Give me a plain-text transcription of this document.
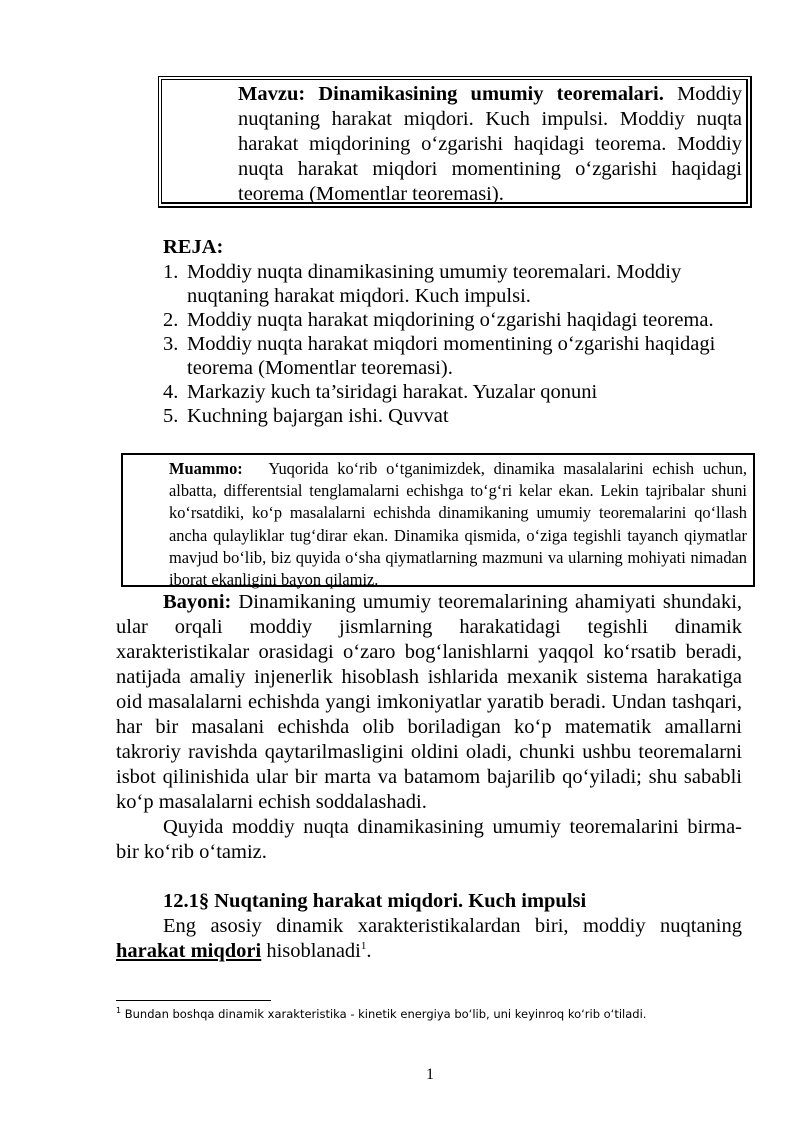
Mavzu: Dinamikasining umumiy teoremalari. Moddiy nuqtaning harakat miqdori. Kuch impulsi. Moddiy nuqta harakat miqdorining o‘zgarishi haqidagi teorema. Moddiy nuqta harakat miqdori momentining o‘zgarishi haqidagi teorema (Momentlar teoremasi).
REJA:
1. Moddiy nuqta dinamikasining umumiy teoremalari. Moddiy nuqtaning harakat miqdori. Kuch impulsi.
2. Moddiy nuqta harakat miqdorining o‘zgarishi haqidagi teorema.
3. Moddiy nuqta harakat miqdori momentining o‘zgarishi haqidagi teorema (Momentlar teoremasi).
4. Markaziy kuch ta’siridagi harakat. Yuzalar qonuni
5. Kuchning bajargan ishi. Quvvat
Muammo: Yuqorida ko‘rib o‘tganimizdek, dinamika masalalarini echish uchun, albatta, differentsial tenglamalarni echishga to‘g‘ri kelar ekan. Lekin tajribalar shuni ko‘rsatdiki, ko‘p masalalarni echishda dinamikaning umumiy teoremalarini qo‘llash ancha qulayliklar tug‘dirar ekan. Dinamika qismida, o‘ziga tegishli tayanch qiymatlar mavjud bo‘lib, biz quyida o‘sha qiymatlarning mazmuni va ularning mohiyati nimadan iborat ekanligini bayon qilamiz.

Bayoni: Dinamikaning umumiy teoremalarining ahamiyati shundaki, ular orqali moddiy jismlarning harakatidagi tegishli dinamik xarakteristikalar orasidagi o‘zaro bog‘lanishlarni yaqqol ko‘rsatib beradi, natijada amaliy injenerlik hisoblash ishlarida mexanik sistema harakatiga oid masalalarni echishda yangi imkoniyatlar yaratib beradi. Undan tashqari, har bir masalani echishda olib boriladigan ko‘p matematik amallarni takroriy ravishda qaytarilmasligini oldini oladi, chunki ushbu teoremalarni isbot qilinishida ular bir marta va batamom bajarilib qo‘yiladi; shu sababli ko‘p masalalarni echish soddalashadi.

Quyida moddiy nuqta dinamikasining umumiy teoremalarini birma-bir ko‘rib o‘tamiz.

12.1§ Nuqtaning harakat miqdori. Kuch impulsi

Eng asosiy dinamik xarakteristikalardan biri, moddiy nuqtaning harakat miqdori hisoblanadi$^1$.

$^1$ Bundan boshqa dinamik xarakteristika - kinetik energiya bo‘lib, uni keyinroq ko‘rib o‘tiladi.
1
